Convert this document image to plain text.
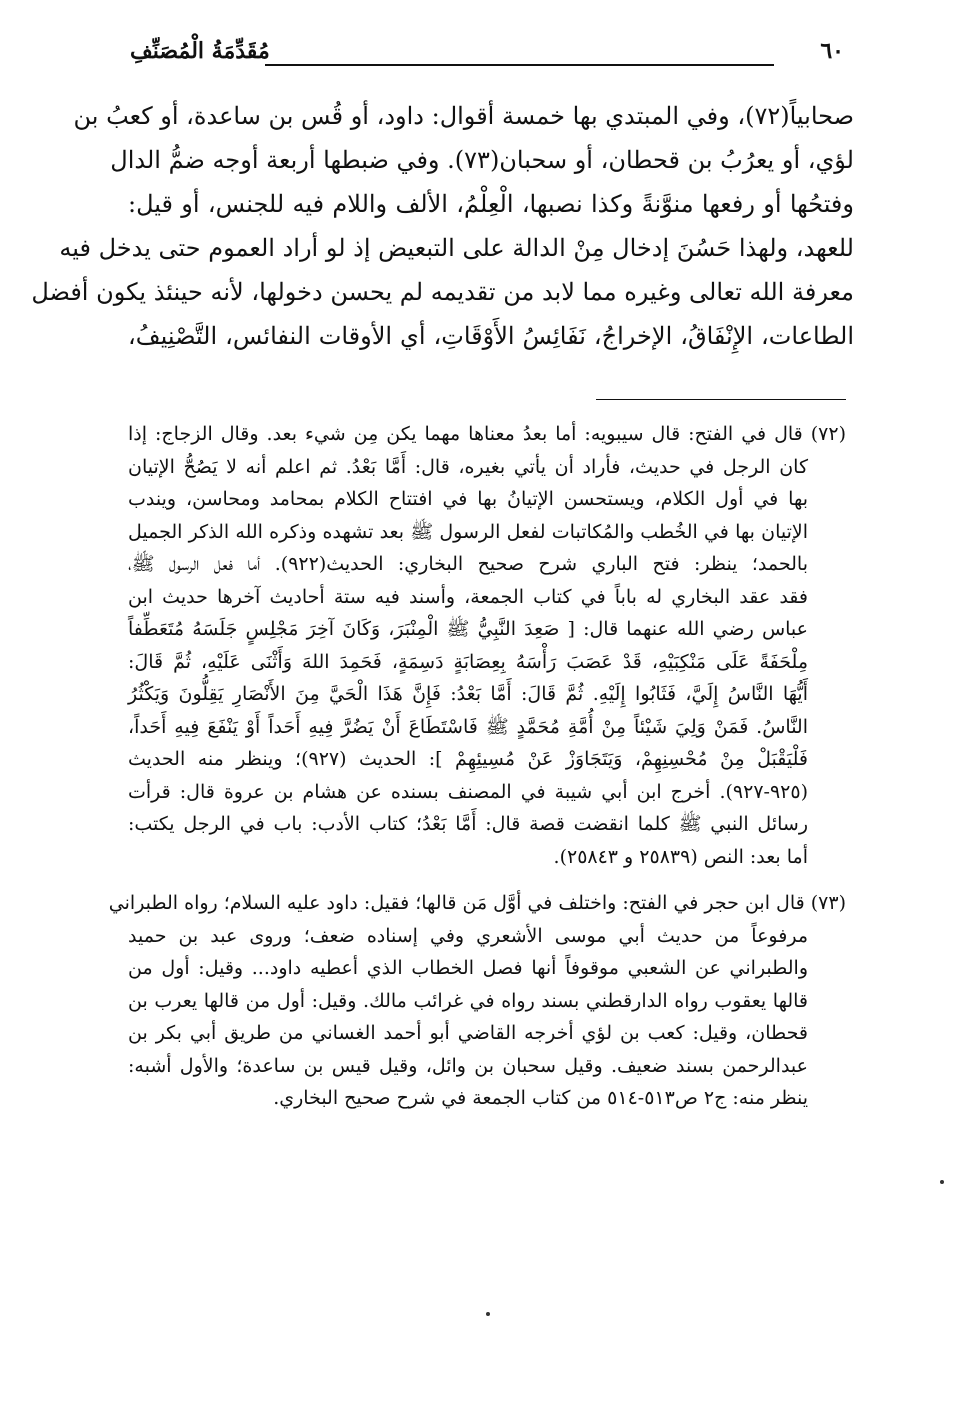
٦٠
مُقَدِّمَةُ الْمُصَنِّفِ
صحابياً(٧٢)، وفي المبتدي بها خمسة أقوال: داود، أو قُس بن ساعدة، أو كعبُ بن
لؤي، أو يعرُبُ بن قحطان، أو سحبان(٧٣). وفي ضبطها أربعة أوجه ضمُّ الدال
وفتحُها أو رفعها منوَّنةً وكذا نصبها، الْعِلْمُ، الألف واللام فيه للجنس، أو قيل:
للعهد، ولهذا حَسُنَ إدخال مِنْ الدالة على التبعيض إذ لو أراد العموم حتى يدخل فيه
معرفة الله تعالى وغيره مما لابد من تقديمه لم يحسن دخولها، لأنه حينئذ يكون أفضل
الطاعات، الإِنْفَاقُ، الإخراجُ، نَفَائِسُ الأَوْقَاتِ، أي الأوقات النفائس، التَّصْنِيفُ،
(٧٢) قال في الفتح: قال سيبويه: أما بعدُ معناها مهما يكن مِن شيء بعد. وقال الزجاج: إذا
كان الرجل في حديث، فأراد أن يأتي بغيره، قال: أَمَّا بَعْدُ. ثم اعلم أنه لا يَصُحُّ الإتيان
بها في أول الكلام، ويستحسن الإتيانُ بها في افتتاح الكلام بمحامد ومحاسن، ويندب
الإتيان بها في الخُطب والمُكاتبات لفعل الرسول ﷺ بعد تشهده وذكره الله الذكر الجميل
بالحمد؛ ينظر: فتح الباري شرح صحيح البخاري: الحديث(٩٢٢). أما فعل الرسول ﷺ،
فقد عقد البخاري له باباً في كتاب الجمعة، وأسند فيه ستة أحاديث آخرها حديث ابن
عباس رضي الله عنهما قال: [ صَعِدَ النَّبِيُّ ﷺ الْمِنْبَرَ، وَكَانَ آخِرَ مَجْلِسٍ جَلَسَهُ مُتَعَطِّفاً
مِلْحَفَةً عَلَى مَنْكِبَيْهِ، قَدْ عَصَبَ رَأْسَهُ بِعِصَابَةٍ دَسِمَةٍ، فَحَمِدَ اللهَ وَأَثْنَى عَلَيْهِ، ثُمَّ قَالَ:
أَيُّهَا النَّاسُ إِلَيَّ، فَثَابُوا إِلَيْهِ. ثُمَّ قَالَ: أَمَّا بَعْدُ: فَإِنَّ هَذَا الْحَيَّ مِنَ الأَنْصَارِ يَقِلُّونَ وَيَكْثُرُ
النَّاسُ. فَمَنْ وَلِيَ شَيْئاً مِنْ أُمَّةِ مُحَمَّدٍ ﷺ فَاسْتَطَاعَ أَنْ يَضُرَّ فِيهِ أَحَداً أَوْ يَنْفَعَ فِيهِ أَحَداً،
فَلْيَقْبَلْ مِنْ مُحْسِنِهِمْ، وَيَتَجَاوَزْ عَنْ مُسِيئِهِمْ ]: الحديث (٩٢٧)؛ وينظر منه الحديث
(٩٢٥-٩٢٧). أخرج ابن أبي شيبة في المصنف بسنده عن هشام بن عروة قال: قرأت
رسائل النبي ﷺ كلما انقضت قصة قال: أَمَّا بَعْدُ؛ كتاب الأدب: باب في الرجل يكتب:
أما بعد: النص (٢٥٨٣٩ و ٢٥٨٤٣).
(٧٣) قال ابن حجر في الفتح: واختلف في أوَّل مَن قالها؛ فقيل: داود عليه السلام؛ رواه الطبراني
مرفوعاً من حديث أبي موسى الأشعري وفي إسناده ضعف؛ وروى عبد بن حميد
والطبراني عن الشعبي موقوفاً أنها فصل الخطاب الذي أعطيه داود... وقيل: أول من
قالها يعقوب رواه الدارقطني بسند رواه في غرائب مالك. وقيل: أول من قالها يعرب بن
قحطان، وقيل: كعب بن لؤي أخرجه القاضي أبو أحمد الغساني من طريق أبي بكر بن
عبدالرحمن بسند ضعيف. وقيل سحبان بن وائل، وقيل قيس بن ساعدة؛ والأول أشبه:
ينظر منه: ج٢ ص٥١٣-٥١٤ من كتاب الجمعة في شرح صحيح البخاري.
